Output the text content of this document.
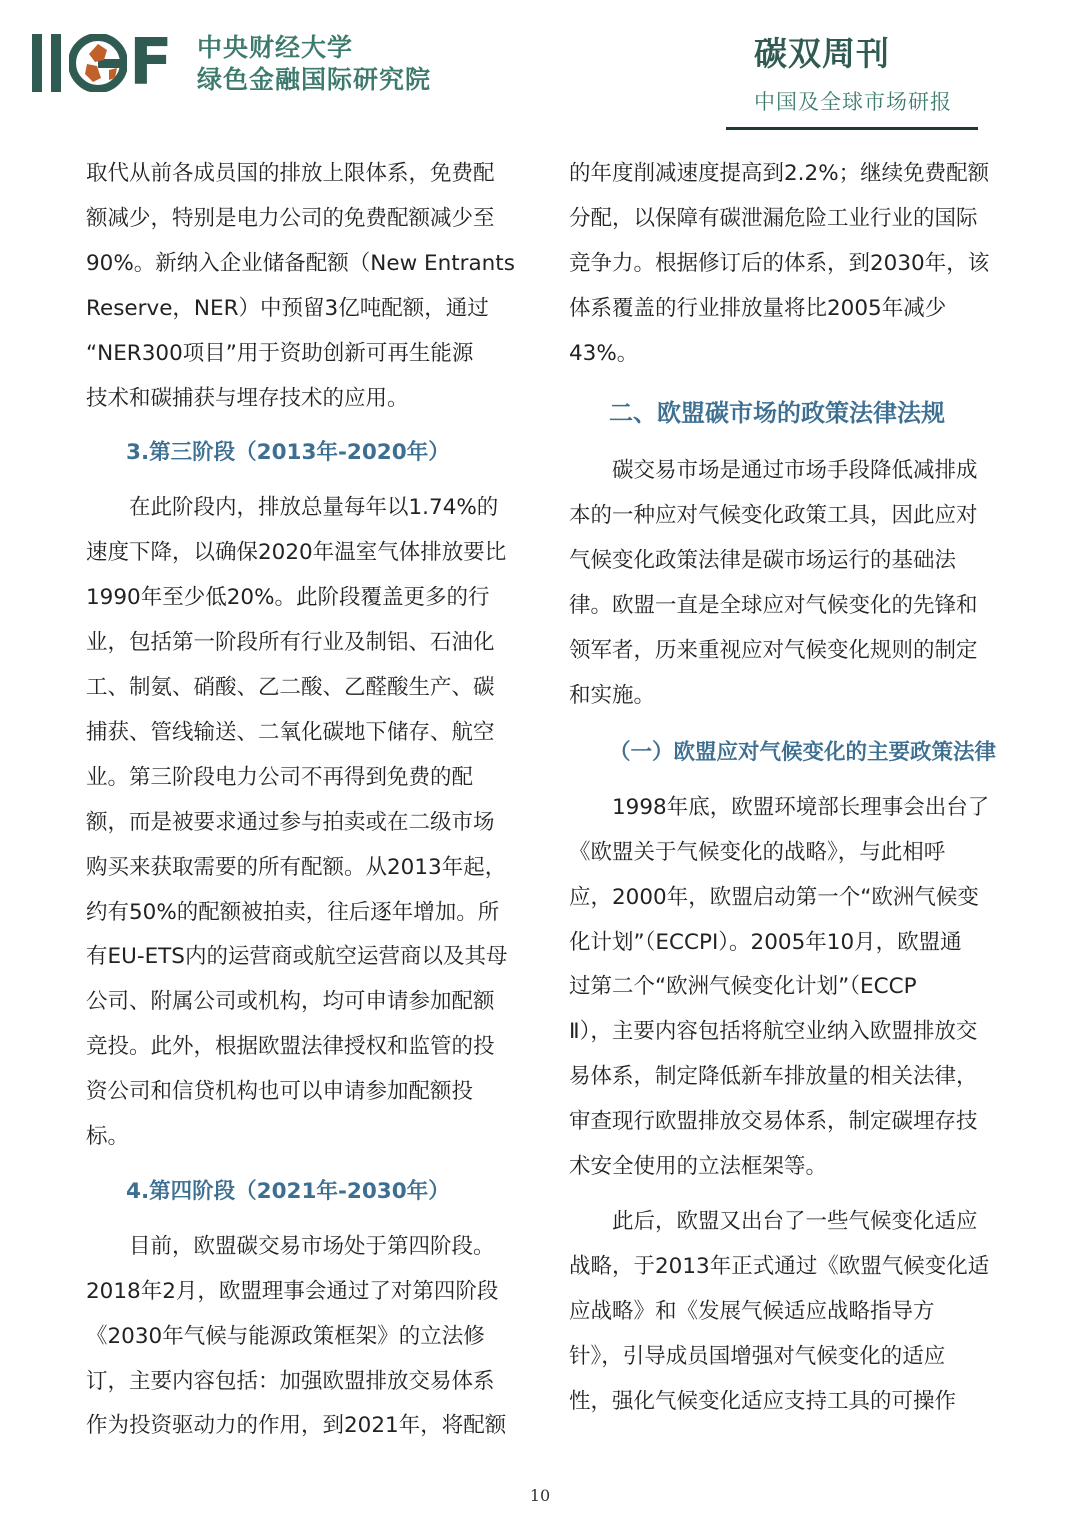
F 中央财经大学
绿色金融国际研究院
碳双周刊
中国及全球市场研报
取代从前各成员国的排放上限体系，免费配
额减少，特别是电力公司的免费配额减少至
90%。新纳入企业储备配额（New Entrants
Reserve，NER）中预留3亿吨配额，通过
“NER300项目”用于资助创新可再生能源
技术和碳捕获与埋存技术的应用。
3.第三阶段（2013年-2020年）
在此阶段内，排放总量每年以1.74%的
速度下降，以确保2020年温室气体排放要比
1990年至少低20%。此阶段覆盖更多的行
业，包括第一阶段所有行业及制铝、石油化
工、制氨、硝酸、乙二酸、乙醛酸生产、碳
捕获、管线输送、二氧化碳地下储存、航空
业。第三阶段电力公司不再得到免费的配
额，而是被要求通过参与拍卖或在二级市场
购买来获取需要的所有配额。从2013年起，
约有50%的配额被拍卖，往后逐年增加。所
有EU-ETS内的运营商或航空运营商以及其母
公司、附属公司或机构，均可申请参加配额
竞投。此外，根据欧盟法律授权和监管的投
资公司和信贷机构也可以申请参加配额投
标。
4.第四阶段（2021年-2030年）
目前，欧盟碳交易市场处于第四阶段。
2018年2月，欧盟理事会通过了对第四阶段
《2030年气候与能源政策框架》的立法修
订，主要内容包括：加强欧盟排放交易体系
作为投资驱动力的作用，到2021年，将配额
的年度削减速度提高到2.2%；继续免费配额
分配，以保障有碳泄漏危险工业行业的国际
竞争力。根据修订后的体系，到2030年，该
体系覆盖的行业排放量将比2005年减少
43%。
二、欧盟碳市场的政策法律法规
碳交易市场是通过市场手段降低减排成
本的一种应对气候变化政策工具，因此应对
气候变化政策法律是碳市场运行的基础法
律。欧盟一直是全球应对气候变化的先锋和
领军者，历来重视应对气候变化规则的制定
和实施。
（一）欧盟应对气候变化的主要政策法律
1998年底，欧盟环境部长理事会出台了
《欧盟关于气候变化的战略》，与此相呼
应，2000年，欧盟启动第一个“欧洲气候变
化计划”（ECCPI）。2005年10月，欧盟通
过第二个“欧洲气候变化计划”（ECCP
Ⅱ），主要内容包括将航空业纳入欧盟排放交
易体系，制定降低新车排放量的相关法律，
审查现行欧盟排放交易体系，制定碳埋存技
术安全使用的立法框架等。
此后，欧盟又出台了一些气候变化适应
战略，于2013年正式通过《欧盟气候变化适
应战略》和《发展气候适应战略指导方
针》，引导成员国增强对气候变化的适应
性，强化气候变化适应支持工具的可操作
10
